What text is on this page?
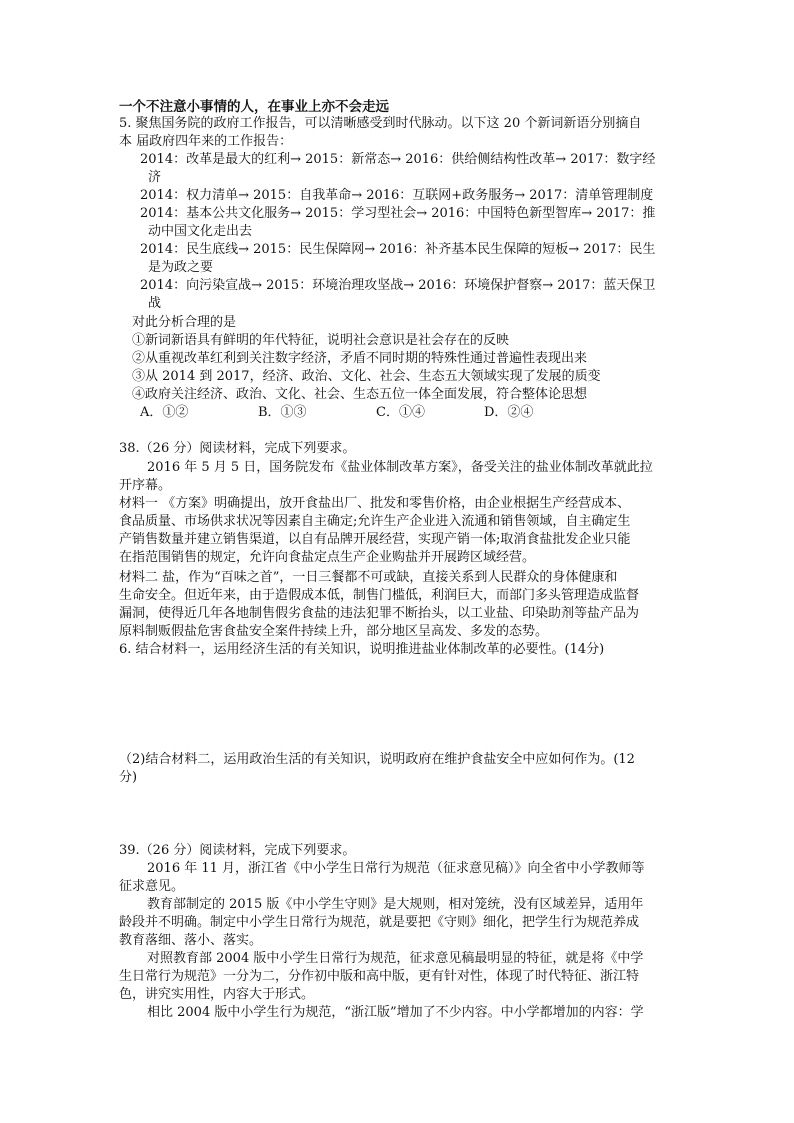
一个不注意小事情的人，在事业上亦不会走远
5. 聚焦国务院的政府工作报告，可以清晰感受到时代脉动。以下这 20 个新词新语分别摘自
本 届政府四年来的工作报告：
2014：改革是最大的红利→ 2015：新常态→ 2016：供给侧结构性改革→ 2017：数字经
济
2014：权力清单→ 2015：自我革命→ 2016：互联网+政务服务→ 2017：清单管理制度
2014：基本公共文化服务→ 2015：学习型社会→ 2016：中国特色新型智库→ 2017：推
动中国文化走出去
2014：民生底线→ 2015：民生保障网→ 2016：补齐基本民生保障的短板→ 2017：民生
是为政之要
2014：向污染宣战→ 2015：环境治理攻坚战→ 2016：环境保护督察→ 2017：蓝天保卫
战
对此分析合理的是
①新词新语具有鲜明的年代特征，说明社会意识是社会存在的反映
②从重视改革红利到关注数字经济，矛盾不同时期的特殊性通过普遍性表现出来
③从 2014 到 2017，经济、政治、文化、社会、生态五大领域实现了发展的质变
④政府关注经济、政治、文化、社会、生态五位一体全面发展，符合整体论思想
A．①②	B．①③	C．①④	D．②④
38.（26 分）阅读材料，完成下列要求。
2016 年 5 月 5 日，国务院发布《盐业体制改革方案》，备受关注的盐业体制改革就此拉
开序幕。
材料一 《方案》明确提出，放开食盐出厂、批发和零售价格，由企业根据生产经营成本、
食品质量、市场供求状况等因素自主确定;允许生产企业进入流通和销售领域，自主确定生
产销售数量并建立销售渠道，以自有品牌开展经营，实现产销一体;取消食盐批发企业只能
在指范围销售的规定，允许向食盐定点生产企业购盐并开展跨区域经营。
材料二 盐，作为“百味之首”，一日三餐都不可或缺，直接关系到人民群众的身体健康和
生命安全。但近年来，由于造假成本低，制售门槛低，利润巨大，而部门多头管理造成监督
漏洞，使得近几年各地制售假劣食盐的违法犯罪不断抬头，以工业盐、印染助剂等盐产品为
原料制贩假盐危害食盐安全案件持续上升，部分地区呈高发、多发的态势。
6. 结合材料一，运用经济生活的有关知识，说明推进盐业体制改革的必要性。(14分)
（2)结合材料二，运用政治生活的有关知识，说明政府在维护食盐安全中应如何作为。(12
分)
39.（26 分）阅读材料，完成下列要求。
2016 年 11 月，浙江省《中小学生日常行为规范（征求意见稿）》向全省中小学教师等
征求意见。
教育部制定的 2015 版《中小学生守则》是大规则，相对笼统，没有区域差异，适用年
龄段并不明确。制定中小学生日常行为规范，就是要把《守则》细化，把学生行为规范养成
教育落细、落小、落实。
对照教育部 2004 版中小学生日常行为规范，征求意见稿最明显的特征，就是将《中学
生日常行为规范》一分为二，分作初中版和高中版，更有针对性，体现了时代特征、浙江特
色，讲究实用性，内容大于形式。
相比 2004 版中小学生行为规范，“浙江版”增加了不少内容。中小学都增加的内容：学
